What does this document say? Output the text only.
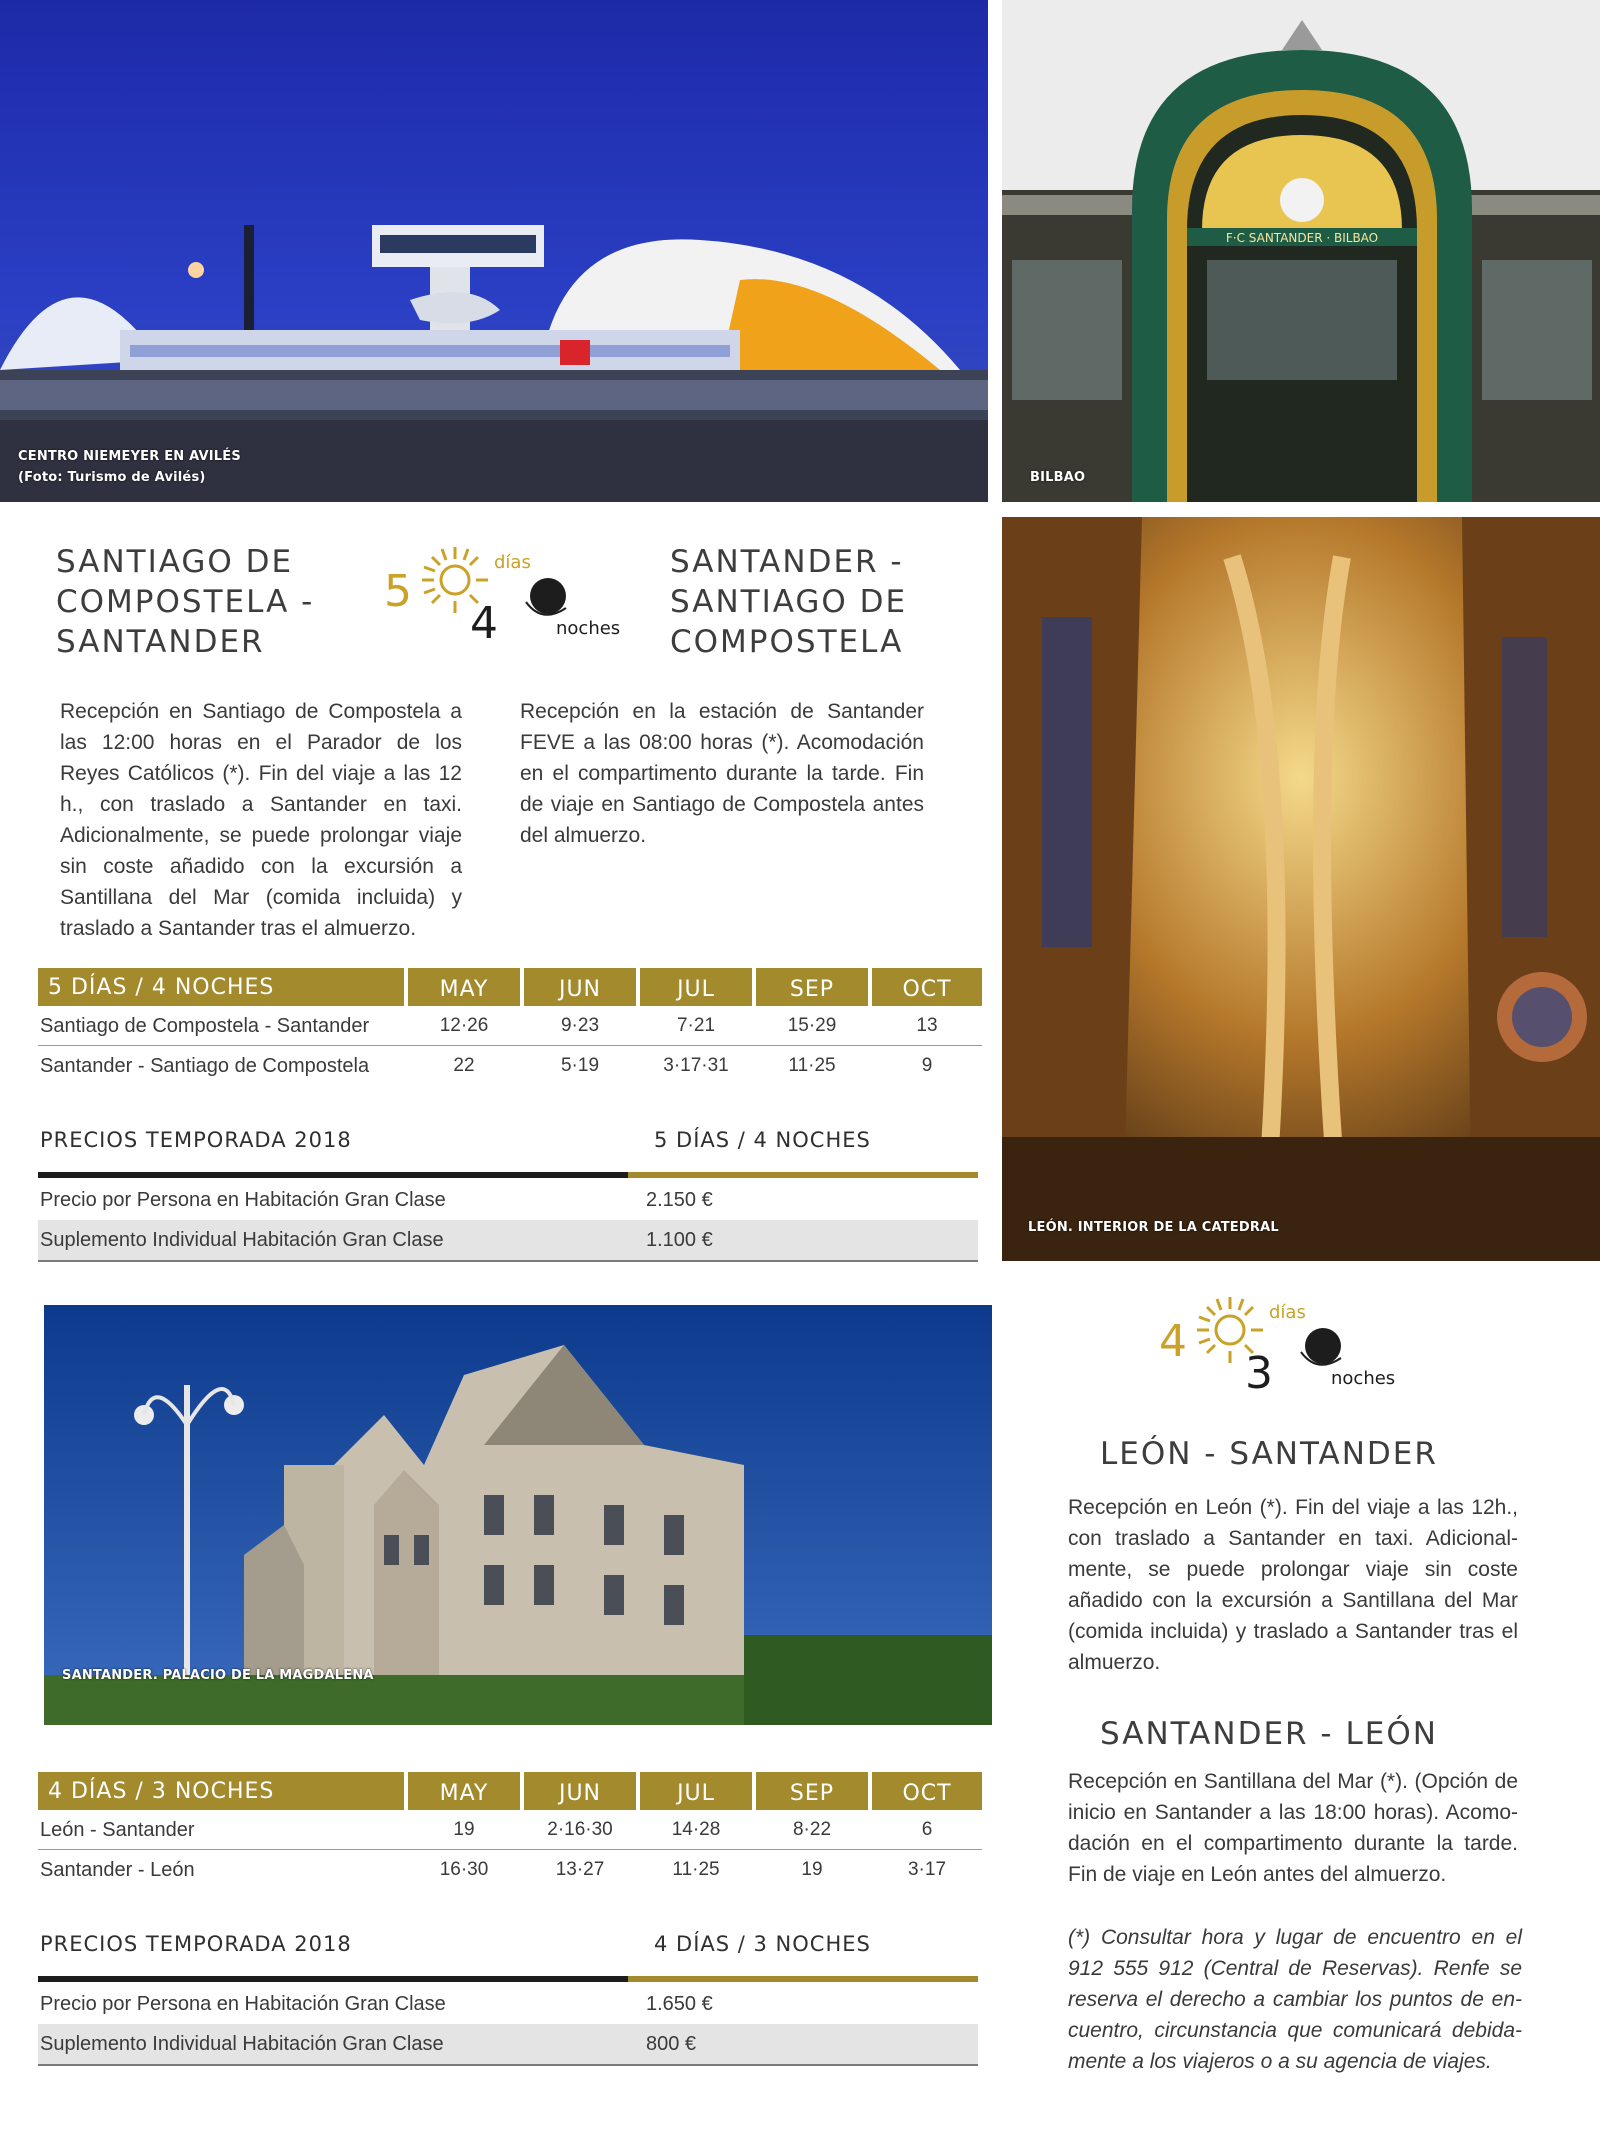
CENTRO NIEMEYER EN AVILÉS
(Foto: Turismo de Avilés)
F·C SANTANDER · BILBAO
BILBAO
LEÓN. INTERIOR DE LA CATEDRAL
SANTANDER. PALACIO DE LA MAGDALENA
5
días
4	noches
SANTIAGO DE
COMPOSTELA -
SANTANDER
SANTANDER -
SANTIAGO DE
COMPOSTELA
Recepción en Santiago de Compostela a las 12:00 horas en el Parador de los Reyes Católicos (*). Fin del viaje a las 12 h., con traslado a Santander en taxi. Adicionalmente, se puede prolongar viaje sin coste añadido con la excursión a Santillana del Mar (comida incluida) y traslado a Santander tras el almuerzo.
Recepción en la estación de Santander FEVE a las 08:00 horas (*). Acomodación en el compartimento durante la tarde. Fin de viaje en Santiago de Compostela antes del almuerzo.
5 DÍAS / 4 NOCHES	MAY	JUN	JUL	SEP	OCT
Santiago de Compostela - Santander	12·26	9·23	7·21	15·29	13
Santander - Santiago de Compostela	22	5·19	3·17·31	11·25	9
PRECIOS TEMPORADA 2018	5 DÍAS / 4 NOCHES
Precio por Persona en Habitación Gran Clase	2.150 €
Suplemento Individual Habitación Gran Clase	1.100 €
4
días
3	noches
LEÓN - SANTANDER
Recepción en León (*). Fin del viaje a las 12h., con traslado a Santander en taxi. Adicional-mente, se puede prolongar viaje sin coste añadido con la excursión a Santillana del Mar (comida incluida) y traslado a Santander tras el almuerzo.
SANTANDER - LEÓN
Recepción en Santillana del Mar (*). (Opción de inicio en Santander a las 18:00 horas). Acomo-dación en el compartimento durante la tarde. Fin de viaje en León antes del almuerzo.
(*) Consultar hora y lugar de encuentro en el 912 555 912 (Central de Reservas). Renfe se reserva el derecho a cambiar los puntos de en-cuentro, circunstancia que comunicará debida-mente a los viajeros o a su agencia de viajes.
4 DÍAS / 3 NOCHES	MAY	JUN	JUL	SEP	OCT
León - Santander	19	2·16·30	14·28	8·22	6
Santander - León	16·30	13·27	11·25	19	3·17
PRECIOS TEMPORADA 2018	4 DÍAS / 3 NOCHES
Precio por Persona en Habitación Gran Clase	1.650 €
Suplemento Individual Habitación Gran Clase	800 €
